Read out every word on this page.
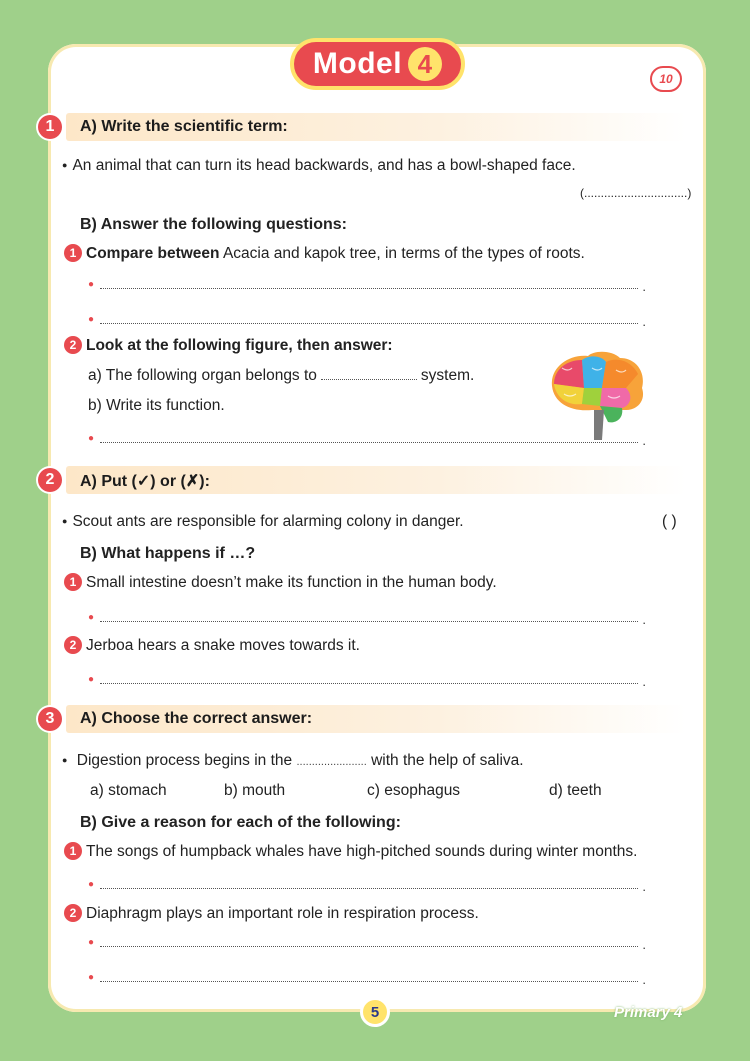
Model 4
10
1	A) Write the scientific term:
● An animal that can turn its head backwards, and has a bowl-shaped face.
(...............................)
B) Answer the following questions:
1 Compare between Acacia and kapok tree, in terms of the types of roots.
●	.
●	.
2 Look at the following figure, then answer:
a) The following organ belongs to	system.
b) Write its function.
●	.
2	A) Put (✓) or (✗):
● Scout ants are responsible for alarming colony in danger.	( )
B) What happens if …?
1 Small intestine doesn’t make its function in the human body.
●	.
2 Jerboa hears a snake moves towards it.
●	.
3	A) Choose the correct answer:
● Digestion process begins in the ....................... with the help of saliva.
a) stomach	b) mouth	c) esophagus	d) teeth
B) Give a reason for each of the following:
1 The songs of humpback whales have high-pitched sounds during winter months.
●	.
2 Diaphragm plays an important role in respiration process.
●	.
●	.
5	Primary 4
